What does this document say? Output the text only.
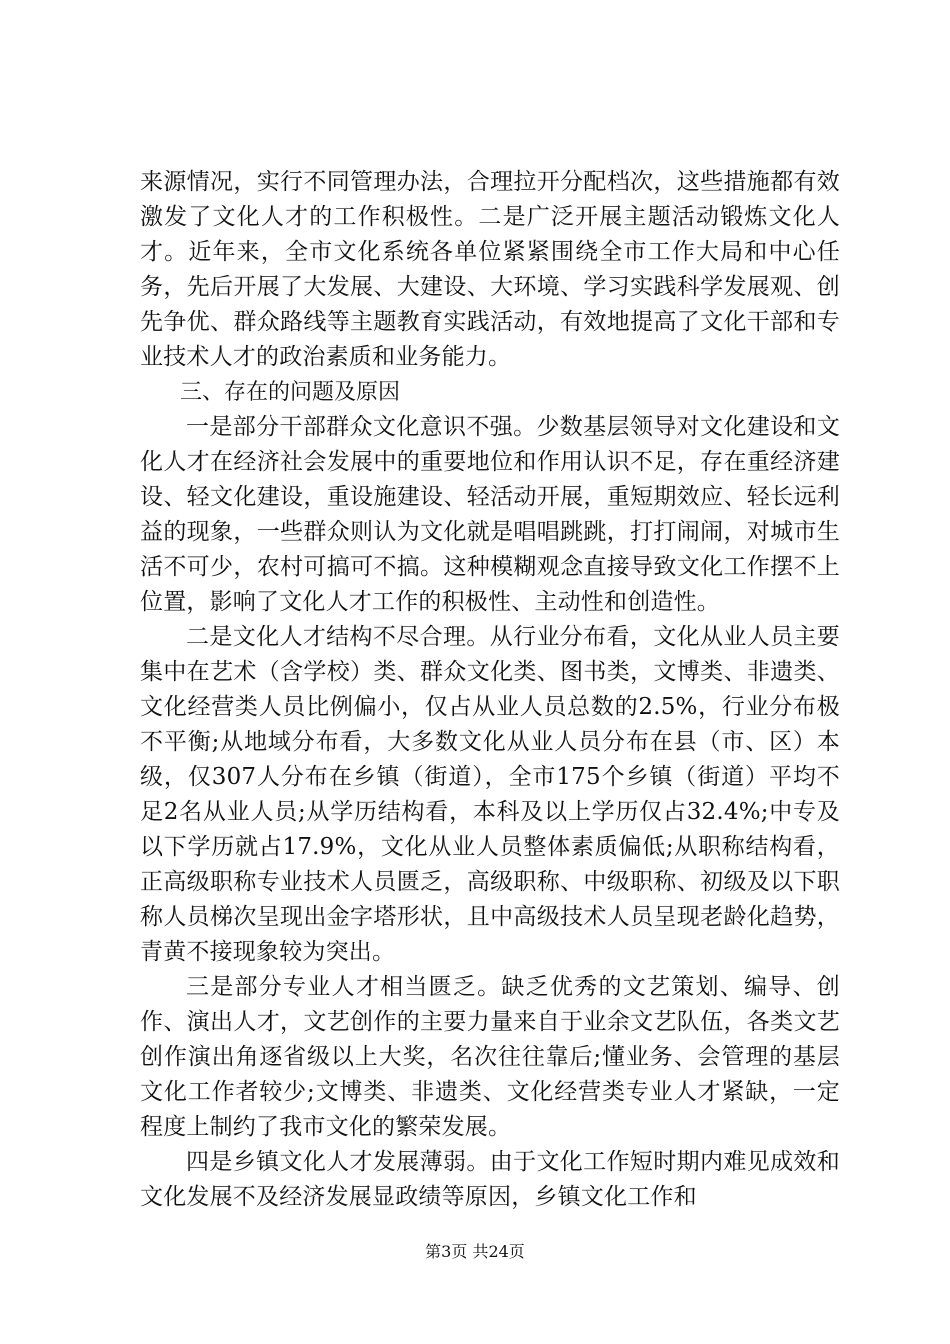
来源情况，实行不同管理办法，合理拉开分配档次，这些措施都有效激发了文化人才的工作积极性。二是广泛开展主题活动锻炼文化人才。近年来，全市文化系统各单位紧紧围绕全市工作大局和中心任务，先后开展了大发展、大建设、大环境、学习实践科学发展观、创先争优、群众路线等主题教育实践活动，有效地提高了文化干部和专业技术人才的政治素质和业务能力。

三、存在的问题及原因

一是部分干部群众文化意识不强。少数基层领导对文化建设和文化人才在经济社会发展中的重要地位和作用认识不足，存在重经济建设、轻文化建设，重设施建设、轻活动开展，重短期效应、轻长远利益的现象，一些群众则认为文化就是唱唱跳跳，打打闹闹，对城市生活不可少，农村可搞可不搞。这种模糊观念直接导致文化工作摆不上位置，影响了文化人才工作的积极性、主动性和创造性。

二是文化人才结构不尽合理。从行业分布看，文化从业人员主要集中在艺术（含学校）类、群众文化类、图书类，文博类、非遗类、文化经营类人员比例偏小，仅占从业人员总数的2.5%，行业分布极不平衡;从地域分布看，大多数文化从业人员分布在县（市、区）本级，仅307人分布在乡镇（街道），全市175个乡镇（街道）平均不足2名从业人员;从学历结构看，本科及以上学历仅占32.4%;中专及以下学历就占17.9%，文化从业人员整体素质偏低;从职称结构看，正高级职称专业技术人员匮乏，高级职称、中级职称、初级及以下职称人员梯次呈现出金字塔形状，且中高级技术人员呈现老龄化趋势，青黄不接现象较为突出。

三是部分专业人才相当匮乏。缺乏优秀的文艺策划、编导、创作、演出人才，文艺创作的主要力量来自于业余文艺队伍，各类文艺创作演出角逐省级以上大奖，名次往往靠后;懂业务、会管理的基层文化工作者较少;文博类、非遗类、文化经营类专业人才紧缺，一定程度上制约了我市文化的繁荣发展。

四是乡镇文化人才发展薄弱。由于文化工作短时期内难见成效和文化发展不及经济发展显政绩等原因，乡镇文化工作和

第3页 共24页
